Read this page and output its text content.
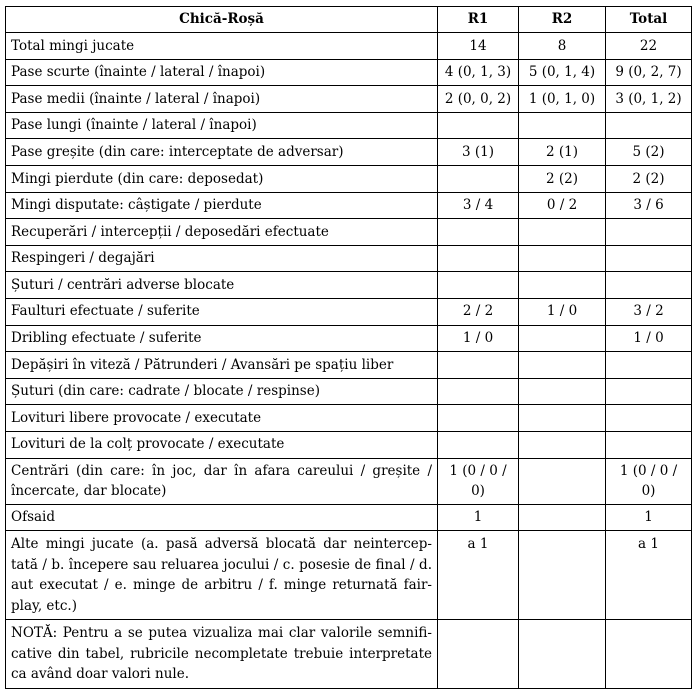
Chică-Roșă	R1	R2	Total
Total mingi jucate	14	8	22
Pase scurte (înainte / lateral / înapoi)	4 (0, 1, 3)	5 (0, 1, 4)	9 (0, 2, 7)
Pase medii (înainte / lateral / înapoi)	2 (0, 0, 2)	1 (0, 1, 0)	3 (0, 1, 2)
Pase lungi (înainte / lateral / înapoi)			
Pase greșite (din care: interceptate de adversar)	3 (1)	2 (1)	5 (2)
Mingi pierdute (din care: deposedat)		2 (2)	2 (2)
Mingi disputate: câștigate / pierdute	3 / 4	0 / 2	3 / 6
Recuperări / intercepții / deposedări efectuate			
Respingeri / degajări			
Șuturi / centrări adverse blocate			
Faulturi efectuate / suferite	2 / 2	1 / 0	3 / 2
Dribling efectuate / suferite	1 / 0		1 / 0
Depășiri în viteză / Pătrunderi / Avansări pe spațiu liber			
Șuturi (din care: cadrate / blocate / respinse)			
Lovituri libere provocate / executate			
Lovituri de la colț provocate / executate			
Centrări (din care: în joc, dar în afara careului / greșite / încercate, dar blocate)	1 (0 / 0 / 0)		1 (0 / 0 / 0)
Ofsaid	1		1
Alte mingi jucate (a. pasă adversă blocată dar neintercep-tată / b. începere sau reluarea jocului / c. posesie de final / d. aut executat / e. minge de arbitru / f. minge returnată fair-play, etc.)	a 1		a 1
NOTĂ: Pentru a se putea vizualiza mai clar valorile semnifi-cative din tabel, rubricile necompletate trebuie interpretate ca având doar valori nule.			
